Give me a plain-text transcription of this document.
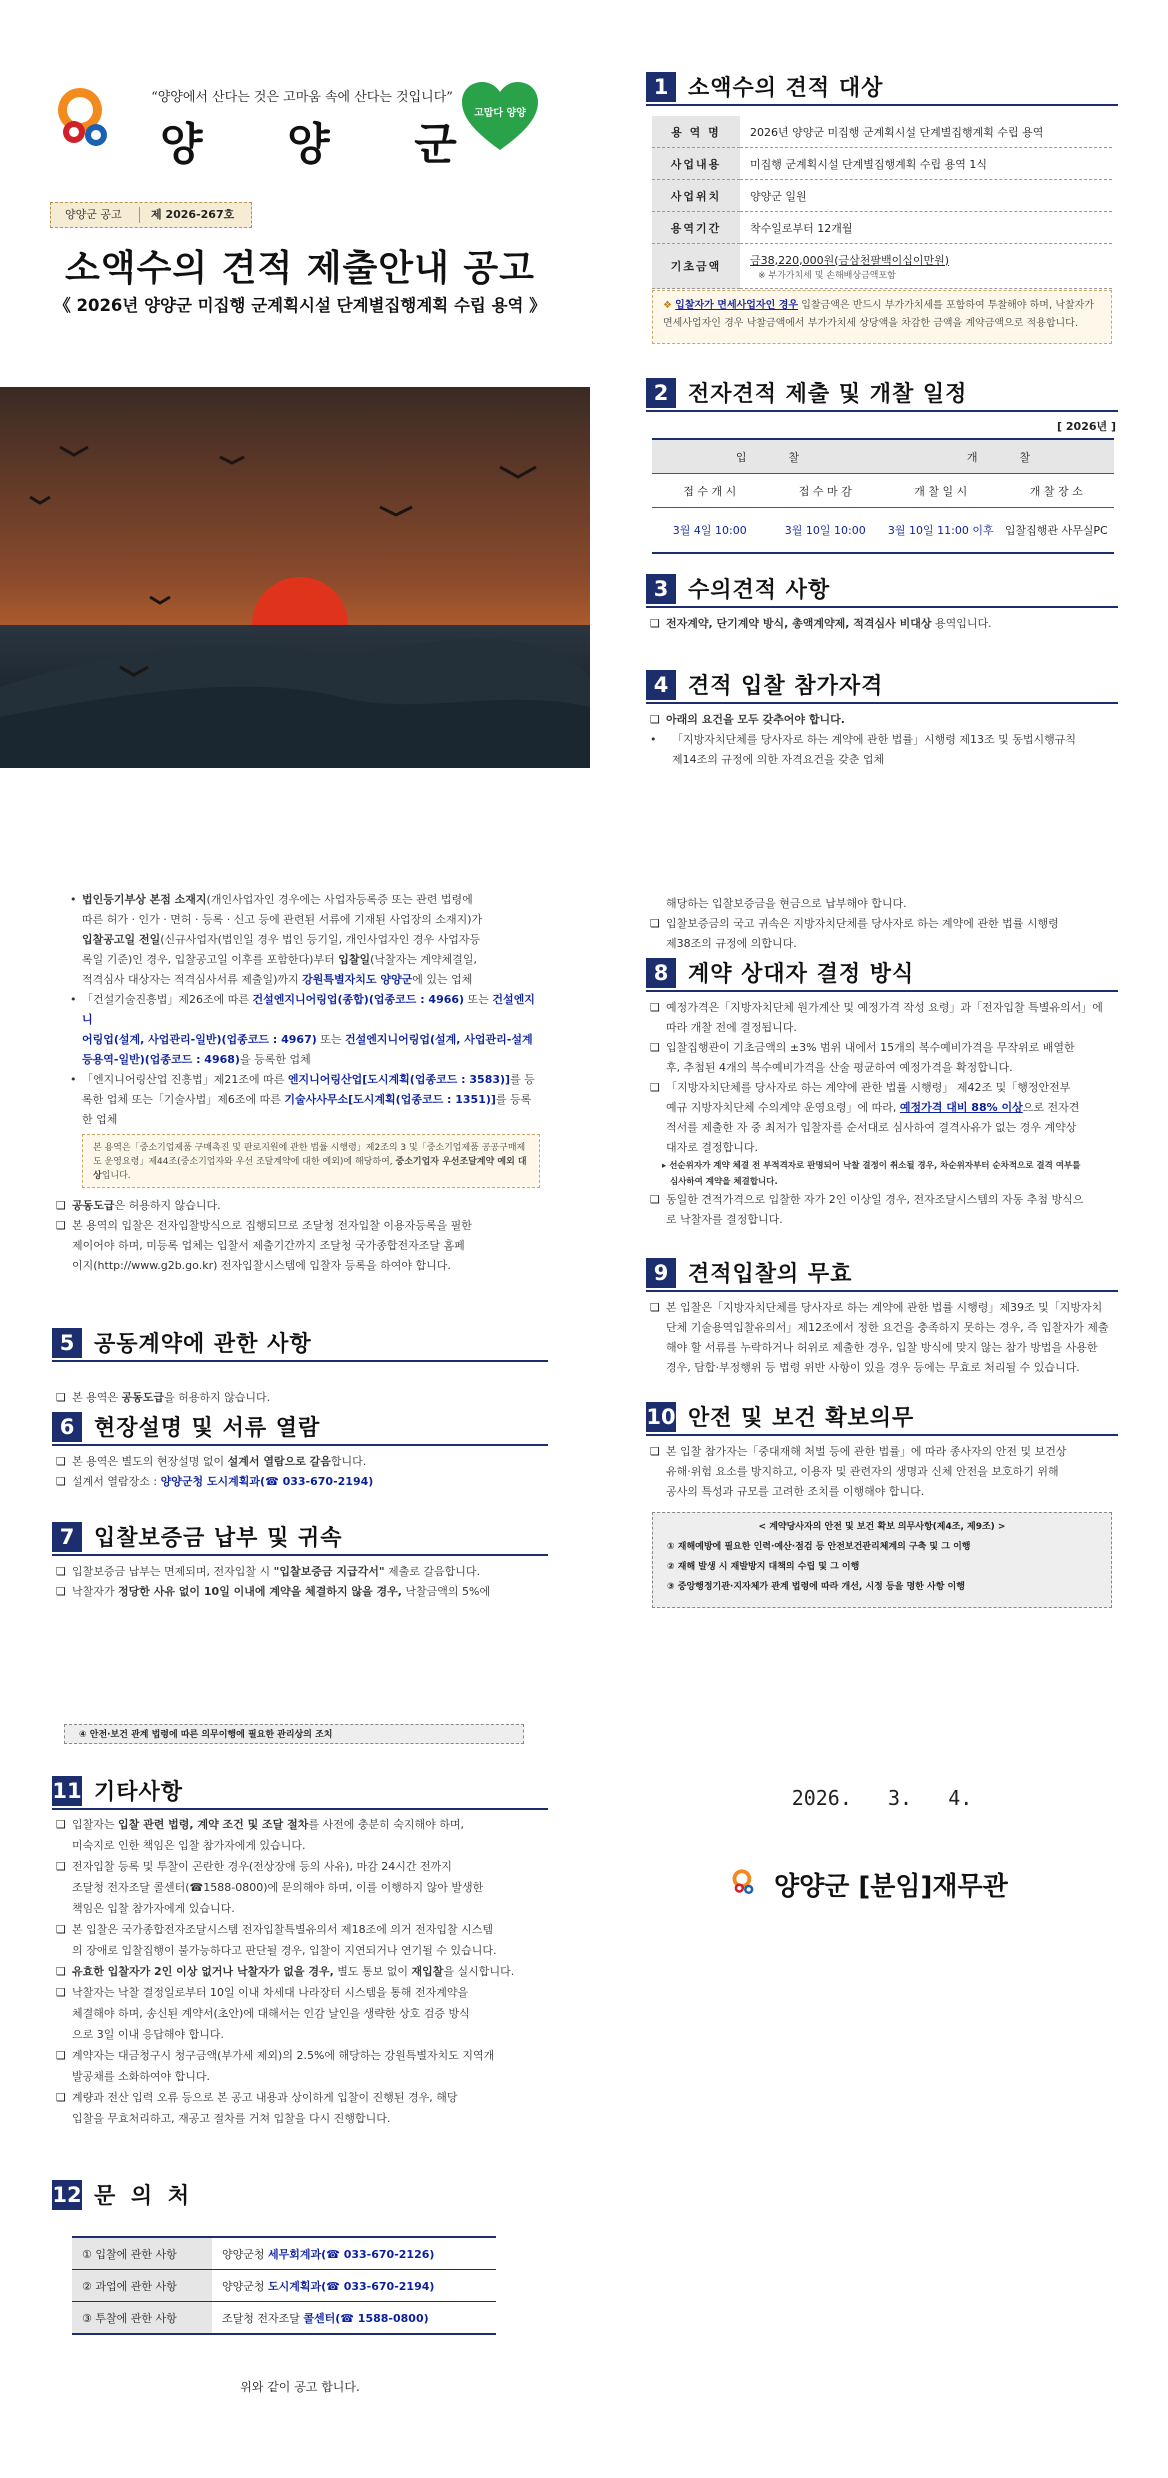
“양양에서 산다는 것은 고마움 속에 산다는 것입니다”
양  양  군
고맙다 양양
양양군 공고	제 2026-267호
소액수의 견적 제출안내 공고
《 2026년 양양군 미집행 군계획시설 단계별집행계획 수립 용역 》
1 소액수의 견적 대상
용 역 명	2026년 양양군 미집행 군계획시설 단계별집행계획 수립 용역
사업내용	미집행 군계획시설 단계별집행계획 수립 용역 1식
사업위치	양양군 일원
용역기간	착수일로부터 12개월
기초금액	금38,220,000원(금삼천팔백이십이만원)
※ 부가가치세 및 손해배상금액포함
❖ 입찰자가 면세사업자인 경우 입찰금액은 반드시 부가가치세를 포함하여 투찰해야 하며, 낙찰자가 면세사업자인 경우 낙찰금액에서 부가가치세 상당액을 차감한 금액을 계약금액으로 적용합니다.
2 전자견적 제출 및 개찰 일정
[ 2026년 ]
입            찰		개            찰	
접 수 개 시	접 수 마 감	개 찰 일 시	개 찰 장 소
3월 4일 10:00	3월 10일 10:00	3월 10일 11:00 이후	입찰집행관 사무실PC
3 수의견적 사항

❑ 전자계약, 단기계약 방식, 총액계약제, 적격심사 비대상 용역입니다.

4 견적 입찰 참가자격

❑ 아래의 요건을 모두 갖추어야 합니다.

• 「지방자치단체를 당사자로 하는 계약에 관한 법률」시행령 제13조 및 동법시행규칙

제14조의 규정에 의한 자격요건을 갖춘 업체

• 법인등기부상 본점 소재지(개인사업자인 경우에는 사업자등록증 또는 관련 법령에
따른 허가 · 인가 · 면허 · 등록 · 신고 등에 관련된 서류에 기재된 사업장의 소재지)가
입찰공고일 전일(신규사업자(법인일 경우 법인 등기일, 개인사업자인 경우 사업자등
록일 기준)인 경우, 입찰공고일 이후를 포함한다)부터 입찰일(낙찰자는 계약체결일,
적격심사 대상자는 적격심사서류 제출일)까지 강원특별자치도 양양군에 있는 업체

• 「건설기술진흥법」제26조에 따른 건설엔지니어링업(종합)(업종코드 : 4966) 또는 건설엔지니
어링업(설계, 사업관리-일반)(업종코드 : 4967) 또는 건설엔지니어링업(설계, 사업관리-설계
등용역-일반)(업종코드 : 4968)을 등록한 업체

• 「엔지니어링산업 진흥법」제21조에 따른 엔지니어링산업[도시계획(업종코드 : 3583)]를 등
록한 업체 또는「기술사법」제6조에 따른 기술사사무소[도시계획(업종코드 : 1351)]를 등록
한 업체

본 용역은「중소기업제품 구매촉진 및 판로지원에 관한 법률 시행령」제2조의 3 및「중소기업제품 공공구매제도 운영요령」제44조(중소기업자와 우선 조달계약에 대한 예외)에 해당하여, 중소기업자 우선조달계약 예외 대상입니다.

❑ 공동도급은 허용하지 않습니다.

❑ 본 용역의 입찰은 전자입찰방식으로 집행되므로 조달청 전자입찰 이용자등록을 필한
제이어야 하며, 미등록 업체는 입찰서 제출기간까지 조달청 국가종합전자조달 홈페
이지(http://www.g2b.go.kr) 전자입찰시스템에 입찰자 등록을 하여야 합니다.

5 공동계약에 관한 사항

❑ 본 용역은 공동도급을 허용하지 않습니다.

6 현장설명 및 서류 열람

❑ 본 용역은 별도의 현장설명 없이 설계서 열람으로 갈음합니다.

❑ 설계서 열람장소 : 양양군청 도시계획과(☎ 033-670-2194)

7 입찰보증금 납부 및 귀속

❑ 입찰보증금 납부는 면제되며, 전자입찰 시 "입찰보증금 지급각서" 제출로 갈음합니다.

❑ 낙찰자가 정당한 사유 없이 10일 이내에 계약을 체결하지 않을 경우, 낙찰금액의 5%에

해당하는 입찰보증금을 현금으로 납부해야 합니다.

❑ 입찰보증금의 국고 귀속은 지방자치단체를 당사자로 하는 계약에 관한 법률 시행령
제38조의 규정에 의합니다.

8 계약 상대자 결정 방식

❑ 예정가격은「지방자치단체 원가계산 및 예정가격 작성 요령」과「전자입찰 특별유의서」에
따라 개찰 전에 결정됩니다.

❑ 입찰집행관이 기초금액의 ±3% 범위 내에서 15개의 복수예비가격을 무작위로 배열한
후, 추첨된 4개의 복수예비가격을 산술 평균하여 예정가격을 확정합니다.

❑ 「지방자치단체를 당사자로 하는 계약에 관한 법률 시행령」 제42조 및「행정안전부
예규 지방자치단체 수의계약 운영요령」에 따라, 예정가격 대비 88% 이상으로 전자견
적서를 제출한 자 중 최저가 입찰자를 순서대로 심사하여 결격사유가 없는 경우 계약상
대자로 결정합니다.

▸ 선순위자가 계약 체결 전 부적격자로 판명되어 낙찰 결정이 취소될 경우, 차순위자부터 순차적으로 결격 여부를
심사하여 계약을 체결합니다.

❑ 동일한 견적가격으로 입찰한 자가 2인 이상일 경우, 전자조달시스템의 자동 추첨 방식으
로 낙찰자를 결정합니다.

9 견적입찰의 무효

❑ 본 입찰은「지방자치단체를 당사자로 하는 계약에 관한 법률 시행령」제39조 및「지방자치
단체 기술용역입찰유의서」제12조에서 정한 요건을 충족하지 못하는 경우, 즉 입찰자가 제출
해야 할 서류를 누락하거나 허위로 제출한 경우, 입찰 방식에 맞지 않는 참가 방법을 사용한
경우, 담합·부정행위 등 법령 위반 사항이 있을 경우 등에는 무효로 처리될 수 있습니다.

10 안전 및 보건 확보의무

❑ 본 입찰 참가자는「중대재해 처벌 등에 관한 법률」에 따라 종사자의 안전 및 보건상
유해·위험 요소를 방지하고, 이용자 및 관련자의 생명과 신체 안전을 보호하기 위해
공사의 특성과 규모를 고려한 조치를 이행해야 합니다.

< 계약당사자의 안전 및 보건 확보 의무사항(제4조, 제9조) >
① 재해예방에 필요한 인력·예산·점검 등 안전보건관리체계의 구축 및 그 이행
② 재해 발생 시 재발방지 대책의 수립 및 그 이행
③ 중앙행정기관·지자체가 관계 법령에 따라 개선, 시정 등을 명한 사항 이행
④ 안전·보건 관계 법령에 따른 의무이행에 필요한 관리상의 조치
11 기타사항

❑ 입찰자는 입찰 관련 법령, 계약 조건 및 조달 절차를 사전에 충분히 숙지해야 하며,
미숙지로 인한 책임은 입찰 참가자에게 있습니다.

❑ 전자입찰 등록 및 투찰이 곤란한 경우(전상장애 등의 사유), 마감 24시간 전까지
조달청 전자조달 콜센터(☎1588-0800)에 문의해야 하며, 이를 이행하지 않아 발생한
책임은 입찰 참가자에게 있습니다.

❑ 본 입찰은 국가종합전자조달시스템 전자입찰특별유의서 제18조에 의거 전자입찰 시스템
의 장애로 입찰집행이 불가능하다고 판단될 경우, 입찰이 지연되거나 연기될 수 있습니다.

❑ 유효한 입찰자가 2인 이상 없거나 낙찰자가 없을 경우, 별도 통보 없이 재입찰을 실시합니다.

❑ 낙찰자는 낙찰 결정일로부터 10일 이내 차세대 나라장터 시스템을 통해 전자계약을
체결해야 하며, 송신된 계약서(초안)에 대해서는 인감 날인을 생략한 상호 검증 방식
으로 3일 이내 응답해야 합니다.

❑ 계약자는 대금청구시 청구금액(부가세 제외)의 2.5%에 해당하는 강원특별자치도 지역개
발공채를 소화하여야 합니다.

❑ 계량과 전산 입력 오류 등으로 본 공고 내용과 상이하게 입찰이 진행된 경우, 해당
입찰을 무효처리하고, 재공고 절차를 거쳐 입찰을 다시 진행합니다.

12 문 의 처
① 입찰에 관한 사항	양양군청 세무회계과(☎ 033-670-2126)
② 과업에 관한 사항	양양군청 도시계획과(☎ 033-670-2194)
③ 투찰에 관한 사항	조달청 전자조달 콜센터(☎ 1588-0800)
위와 같이 공고 합니다.
2026.   3.   4.
양양군 [분임]재무관
